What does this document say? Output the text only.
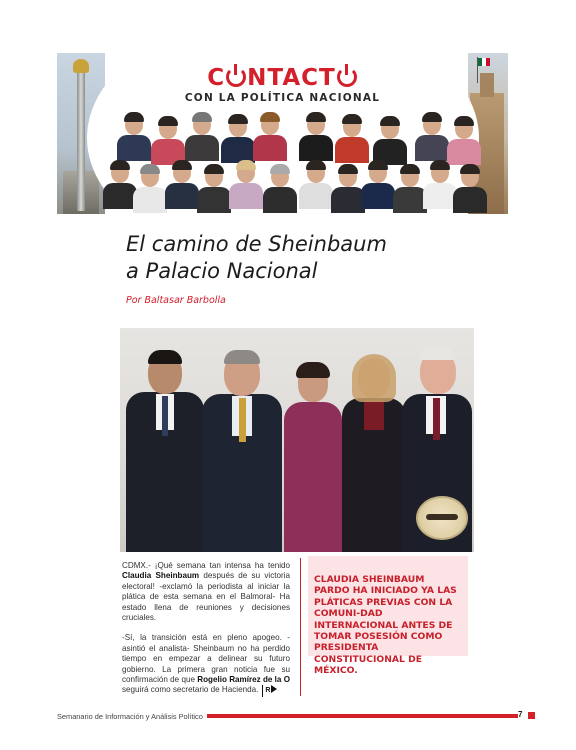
C NTACT
CON LA POLÍTICA NACIONAL
El camino de Sheinbaum
a Palacio Nacional
Por Baltasar Barbolla

CDMX.- ¡Qué semana tan intensa ha tenido Claudia Sheinbaum después de su victoria electoral! -exclamó la periodista al iniciar la plática de esta semana en el Balmoral- Ha estado llena de reuniones y decisiones cruciales.

-Sí, la transición está en pleno apogeo. -asintió el analista- Sheinbaum no ha perdido tiempo en empezar a delinear su futuro gobierno. La primera gran noticia fue su confirmación de que Rogelio Ramírez de la O seguirá como secretario de Hacienda. R

CLAUDIA SHEINBAUM PARDO HA INICIADO YA LAS PLÁTICAS PREVIAS CON LA COMUNI-DAD INTERNACIONAL ANTES DE TOMAR POSESIÓN COMO PRESIDENTA CONSTITUCIONAL DE MÉXICO.
Semanario de Información y Análisis Político	7
